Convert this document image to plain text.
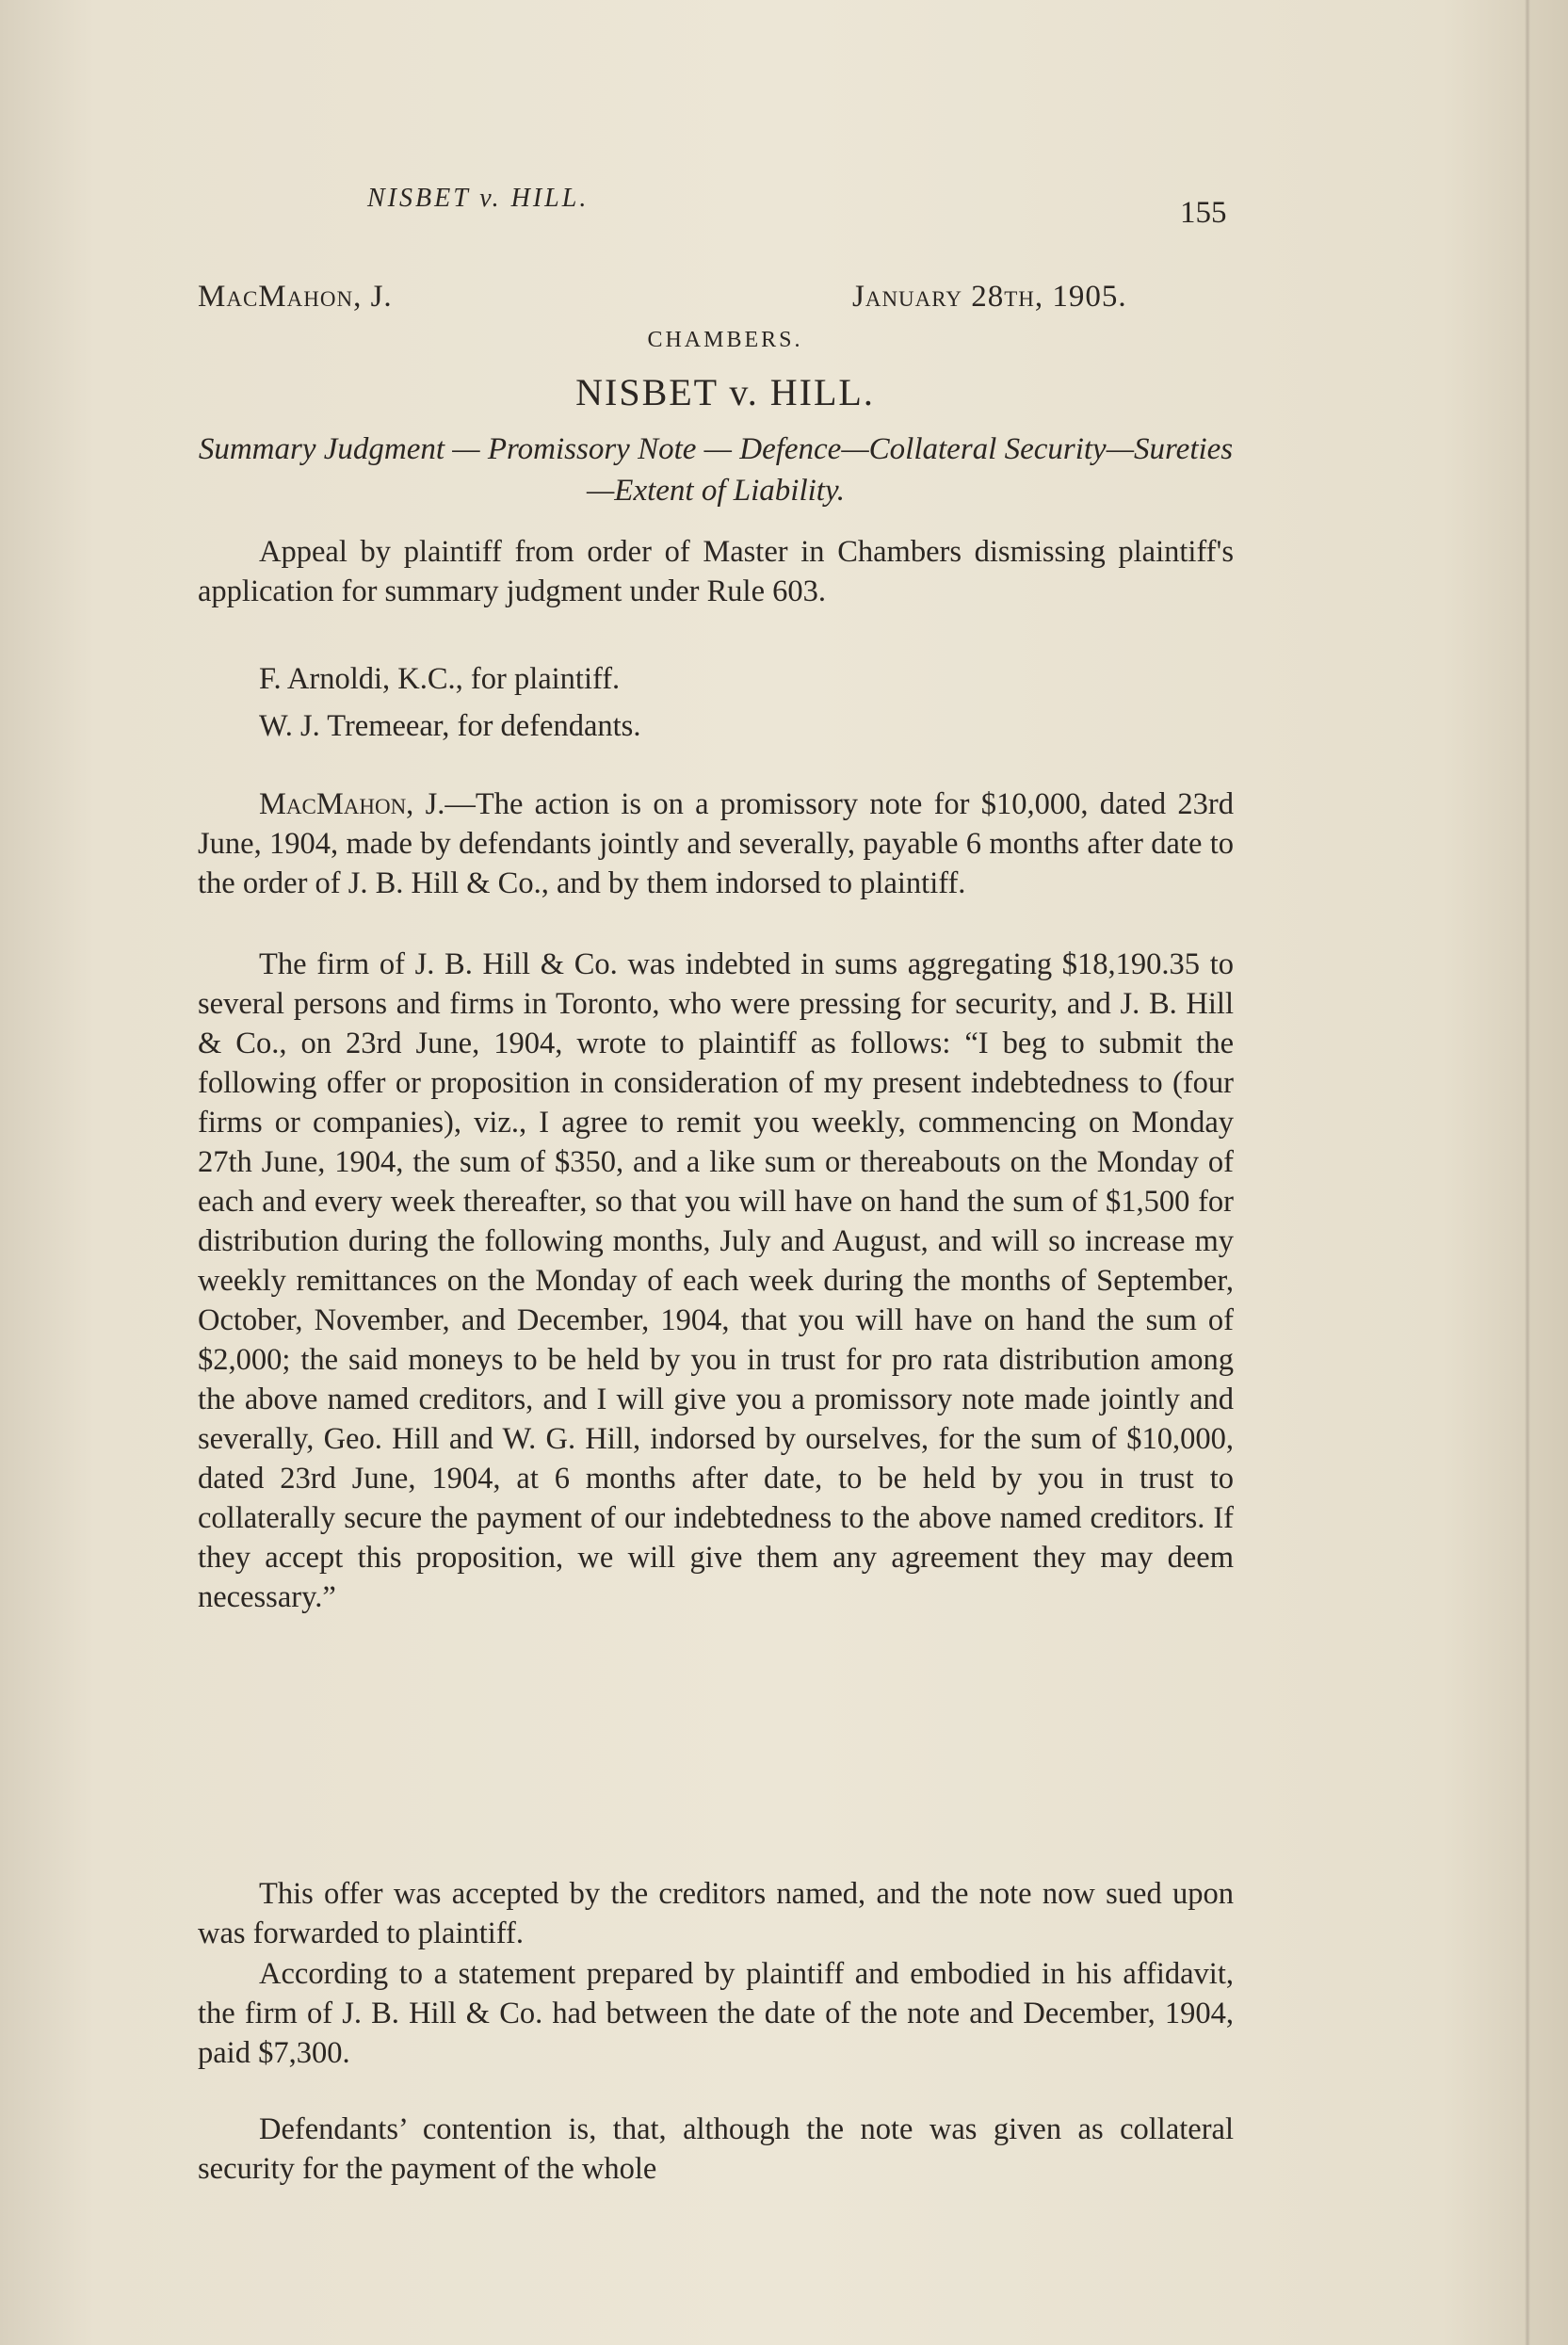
NISBET v. HILL.	155
MacMahon, J.	January 28th, 1905.
CHAMBERS.
NISBET v. HILL.
Summary Judgment — Promissory Note — Defence—Collateral Security—Sureties—Extent of Liability.
Appeal by plaintiff from order of Master in Chambers dismissing plaintiff's application for summary judgment under Rule 603.
F. Arnoldi, K.C., for plaintiff.
W. J. Tremeear, for defendants.
MacMahon, J.—The action is on a promissory note for $10,000, dated 23rd June, 1904, made by defendants jointly and severally, payable 6 months after date to the order of J. B. Hill & Co., and by them indorsed to plaintiff.
The firm of J. B. Hill & Co. was indebted in sums aggregating $18,190.35 to several persons and firms in Toronto, who were pressing for security, and J. B. Hill & Co., on 23rd June, 1904, wrote to plaintiff as follows: “I beg to submit the following offer or proposition in consideration of my present indebtedness to (four firms or companies), viz., I agree to remit you weekly, commencing on Monday 27th June, 1904, the sum of $350, and a like sum or thereabouts on the Monday of each and every week thereafter, so that you will have on hand the sum of $1,500 for distribution during the following months, July and August, and will so increase my weekly remittances on the Monday of each week during the months of September, October, November, and December, 1904, that you will have on hand the sum of $2,000; the said moneys to be held by you in trust for pro rata distribution among the above named creditors, and I will give you a promissory note made jointly and severally, Geo. Hill and W. G. Hill, indorsed by ourselves, for the sum of $10,000, dated 23rd June, 1904, at 6 months after date, to be held by you in trust to collaterally secure the payment of our indebtedness to the above named creditors. If they accept this proposition, we will give them any agreement they may deem necessary.”
This offer was accepted by the creditors named, and the note now sued upon was forwarded to plaintiff.
According to a statement prepared by plaintiff and embodied in his affidavit, the firm of J. B. Hill & Co. had between the date of the note and December, 1904, paid $7,300.
Defendants’ contention is, that, although the note was given as collateral security for the payment of the whole
